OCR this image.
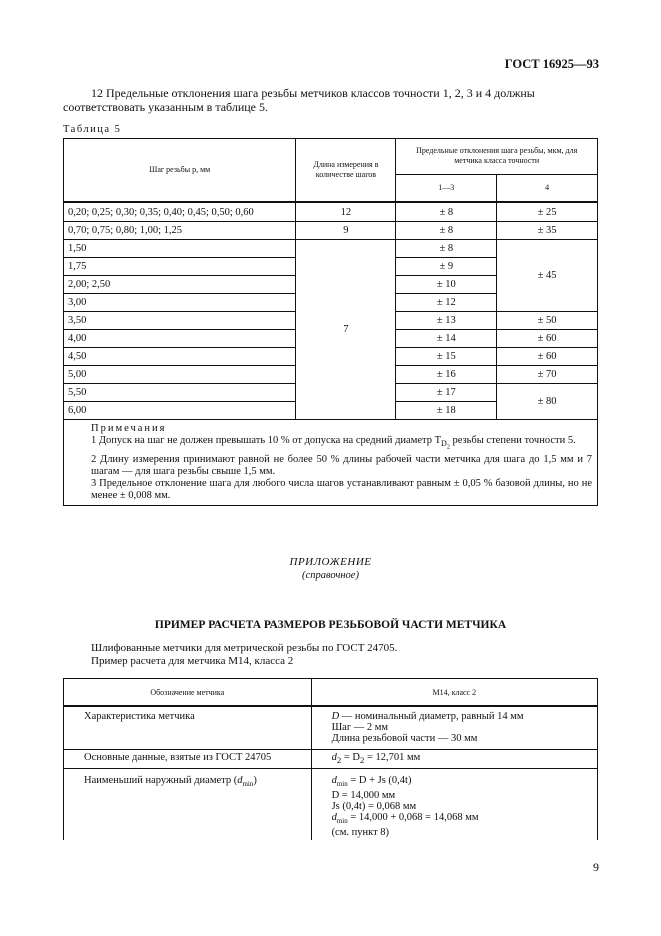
ГОСТ 16925—93
12 Предельные отклонения шага резьбы метчиков классов точности 1, 2, 3 и 4 должны
соответствовать указанным в таблице 5.
Таблица 5
Шаг резьбы p, мм	Длина измерения в количестве шагов	Предельные отклонения шага резьбы, мкм, для метчика класса точности	
		1—3	4
0,20; 0,25; 0,30; 0,35; 0,40; 0,45; 0,50; 0,60	12	± 8	± 25
0,70; 0,75; 0,80; 1,00; 1,25	9	± 8	± 35
1,50	7	± 8	± 45
1,75		± 9	
2,00; 2,50		± 10	
3,00		± 12	
3,50		± 13	± 50
4,00		± 14	± 60
4,50		± 15	± 60
5,00		± 16	± 70
5,50		± 17	± 80
6,00		± 18	

Примечания

1 Допуск на шаг не должен превышать 10 % от допуска на средний диаметр $T_{D_2}$ резьбы степени точности 5.

2 Длину измерения принимают равной не более 50 % длины рабочей части метчика для шага до 1,5 мм и 7 шагам — для шага резьбы свыше 1,5 мм.

3 Предельное отклонение шага для любого числа шагов устанавливают равным ± 0,05 % базовой длины, но не менее ± 0,008 мм.			

ПРИЛОЖЕНИЕ
(справочное)
ПРИМЕР РАСЧЕТА РАЗМЕРОВ РЕЗЬБОВОЙ ЧАСТИ МЕТЧИКА
Шлифованные метчики для метрической резьбы по ГОСТ 24705.
Пример расчета для метчика М14, класса 2
Обозначение метчика	М14, класс 2
Характеристика метчика	D — номинальный диаметр, равный 14 мм
Шаг — 2 мм
Длина резьбовой части — 30 мм

Основные данные, взятые из ГОСТ 24705	$d_2 = D_2 = 12,701$ мм
Наименьший наружный диаметр $(d_{min})$	$d_{min} = D + Js$ (0,4t)
D = 14,000 мм
Js (0,4t) = 0,068 мм
$d_{min} = 14,000 + 0,068 = 14,068$ мм
(см. пункт 8)
9
